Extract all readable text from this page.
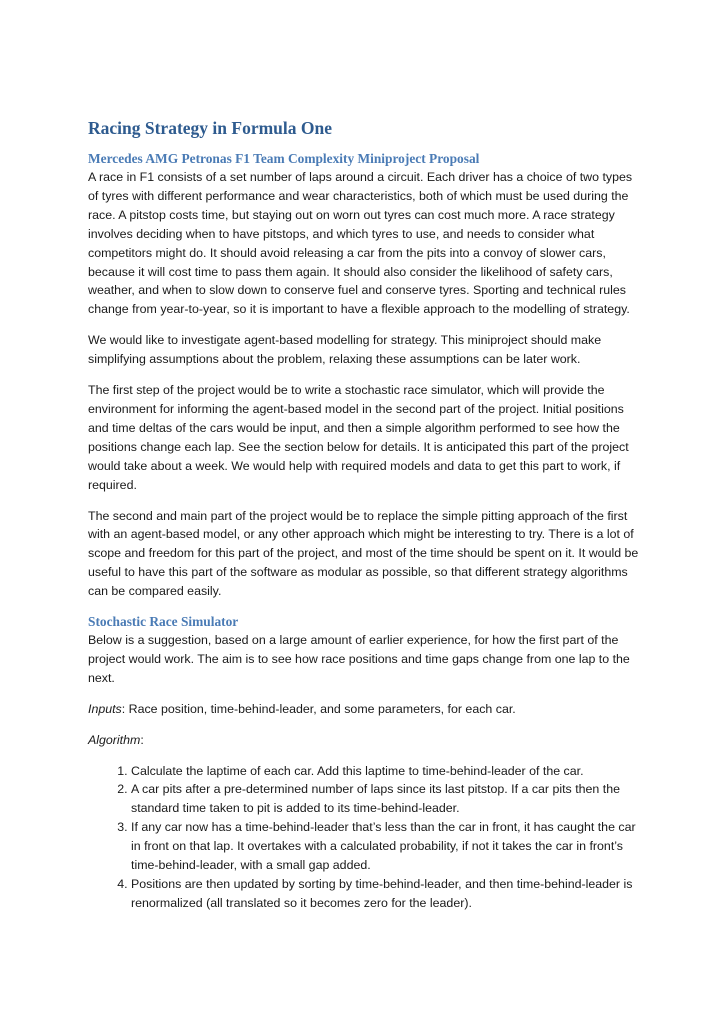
Racing Strategy in Formula One
Mercedes AMG Petronas F1 Team Complexity Miniproject Proposal

A race in F1 consists of a set number of laps around a circuit. Each driver has a choice of two types of tyres with different performance and wear characteristics, both of which must be used during the race. A pitstop costs time, but staying out on worn out tyres can cost much more. A race strategy involves deciding when to have pitstops, and which tyres to use, and needs to consider what competitors might do. It should avoid releasing a car from the pits into a convoy of slower cars, because it will cost time to pass them again. It should also consider the likelihood of safety cars, weather, and when to slow down to conserve fuel and conserve tyres. Sporting and technical rules change from year-to-year, so it is important to have a flexible approach to the modelling of strategy.

We would like to investigate agent-based modelling for strategy. This miniproject should make simplifying assumptions about the problem, relaxing these assumptions can be later work.

The first step of the project would be to write a stochastic race simulator, which will provide the environment for informing the agent-based model in the second part of the project. Initial positions and time deltas of the cars would be input, and then a simple algorithm performed to see how the positions change each lap. See the section below for details. It is anticipated this part of the project would take about a week. We would help with required models and data to get this part to work, if required.

The second and main part of the project would be to replace the simple pitting approach of the first with an agent-based model, or any other approach which might be interesting to try. There is a lot of scope and freedom for this part of the project, and most of the time should be spent on it. It would be useful to have this part of the software as modular as possible, so that different strategy algorithms can be compared easily.

Stochastic Race Simulator

Below is a suggestion, based on a large amount of earlier experience, for how the first part of the project would work. The aim is to see how race positions and time gaps change from one lap to the next.

Inputs: Race position, time-behind-leader, and some parameters, for each car.

Algorithm:

1. Calculate the laptime of each car. Add this laptime to time-behind-leader of the car.
2. A car pits after a pre-determined number of laps since its last pitstop. If a car pits then the standard time taken to pit is added to its time-behind-leader.
3. If any car now has a time-behind-leader that’s less than the car in front, it has caught the car in front on that lap. It overtakes with a calculated probability, if not it takes the car in front’s time-behind-leader, with a small gap added.
4. Positions are then updated by sorting by time-behind-leader, and then time-behind-leader is renormalized (all translated so it becomes zero for the leader).
